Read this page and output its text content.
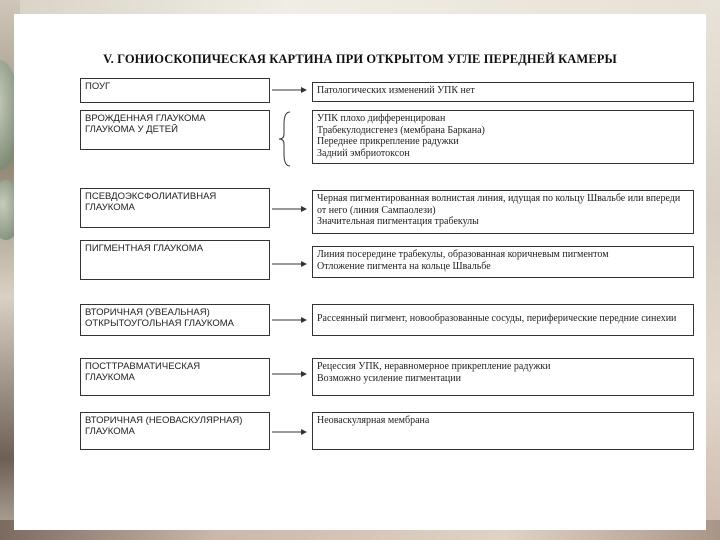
V. ГОНИОСКОПИЧЕСКАЯ КАРТИНА ПРИ ОТКРЫТОМ УГЛЕ ПЕРЕДНЕЙ КАМЕРЫ
ПОУГ	Патологических изменений УПК нет
ВРОЖДЕННАЯ ГЛАУКОМА
ГЛАУКОМА У ДЕТЕЙ
УПК плохо дифференцирован
Трабекулодисгенез (мембрана Баркана)
Переднее прикрепление радужки
Задний эмбриотоксон
ПСЕВДОЭКСФОЛИАТИВНАЯ
ГЛАУКОМА
Черная пигментированная волнистая линия, идущая по кольцу Швальбе или впереди
от него (линия Сампаолези)
Значительная пигментация трабекулы
ПИГМЕНТНАЯ ГЛАУКОМА
Линия посередине трабекулы, образованная коричневым пигментом
Отложение пигмента на кольце Швальбе
ВТОРИЧНАЯ (УВЕАЛЬНАЯ)
ОТКРЫТОУГОЛЬНАЯ ГЛАУКОМА	Рассеянный пигмент, новообразованные сосуды, периферические передние синехии
ПОСТТРАВМАТИЧЕСКАЯ
ГЛАУКОМА
Рецессия УПК, неравномерное прикрепление радужки
Возможно усиление пигментации
ВТОРИЧНАЯ (НЕОВАСКУЛЯРНАЯ)
ГЛАУКОМА
Неоваскулярная мембрана
